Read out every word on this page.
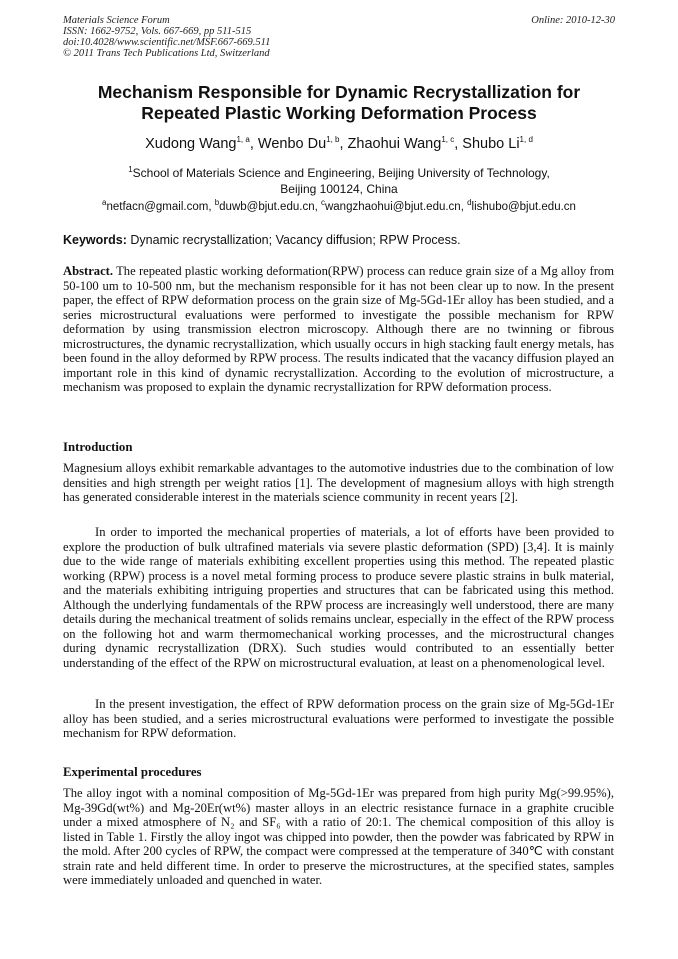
Materials Science Forum
ISSN: 1662-9752, Vols. 667-669, pp 511-515
doi:10.4028/www.scientific.net/MSF.667-669.511
© 2011 Trans Tech Publications Ltd, Switzerland
Online: 2010-12-30
Mechanism Responsible for Dynamic Recrystallization for
Repeated Plastic Working Deformation Process
Xudong Wang$^{1, a}$, Wenbo Du$^{1, b}$, Zhaohui Wang$^{1, c}$, Shubo Li$^{1, d}$
$^1$School of Materials Science and Engineering, Beijing University of Technology,
Beijing 100124, China
$^a$netfacn@gmail.com, $^b$duwb@bjut.edu.cn, $^c$wangzhaohui@bjut.edu.cn, $^d$lishubo@bjut.edu.cn
Keywords: Dynamic recrystallization; Vacancy diffusion; RPW Process.

Abstract. The repeated plastic working deformation(RPW) process can reduce grain size of a Mg alloy from 50-100 um to 10-500 nm, but the mechanism responsible for it has not been clear up to now. In the present paper, the effect of RPW deformation process on the grain size of Mg-5Gd-1Er alloy has been studied, and a series microstructural evaluations were performed to investigate the possible mechanism for RPW deformation by using transmission electron microscopy. Although there are no twinning or fibrous microstructures, the dynamic recrystallization, which usually occurs in high stacking fault energy metals, has been found in the alloy deformed by RPW process. The results indicated that the vacancy diffusion played an important role in this kind of dynamic recrystallization. According to the evolution of microstructure, a mechanism was proposed to explain the dynamic recrystallization for RPW deformation process.

Introduction

Magnesium alloys exhibit remarkable advantages to the automotive industries due to the combination of low densities and high strength per weight ratios [1]. The development of magnesium alloys with high strength has generated considerable interest in the materials science community in recent years [2].

In order to imported the mechanical properties of materials, a lot of efforts have been provided to explore the production of bulk ultrafined materials via severe plastic deformation (SPD) [3,4]. It is mainly due to the wide range of materials exhibiting excellent properties using this method. The repeated plastic working (RPW) process is a novel metal forming process to produce severe plastic strains in bulk material, and the materials exhibiting intriguing properties and structures that can be fabricated using this method. Although the underlying fundamentals of the RPW process are increasingly well understood, there are many details during the mechanical treatment of solids remains unclear, especially in the effect of the RPW process on the following hot and warm thermomechanical working processes, and the microstructural changes during dynamic recrystallization (DRX). Such studies would contributed to an essentially better understanding of the effect of the RPW on microstructural evaluation, at least on a phenomenological level.

In the present investigation, the effect of RPW deformation process on the grain size of Mg-5Gd-1Er alloy has been studied, and a series microstructural evaluations were performed to investigate the possible mechanism for RPW deformation.

Experimental procedures

The alloy ingot with a nominal composition of Mg-5Gd-1Er was prepared from high purity Mg(>99.95%), Mg-39Gd(wt%) and Mg-20Er(wt%) master alloys in an electric resistance furnace in a graphite crucible under a mixed atmosphere of N₂ and SF₆ with a ratio of 20:1. The chemical composition of this alloy is listed in Table 1. Firstly the alloy ingot was chipped into powder, then the powder was fabricated by RPW in the mold. After 200 cycles of RPW, the compact were compressed at the temperature of 340℃ with constant strain rate and held different time. In order to preserve the microstructures, at the specified states, samples were immediately unloaded and quenched in water.
